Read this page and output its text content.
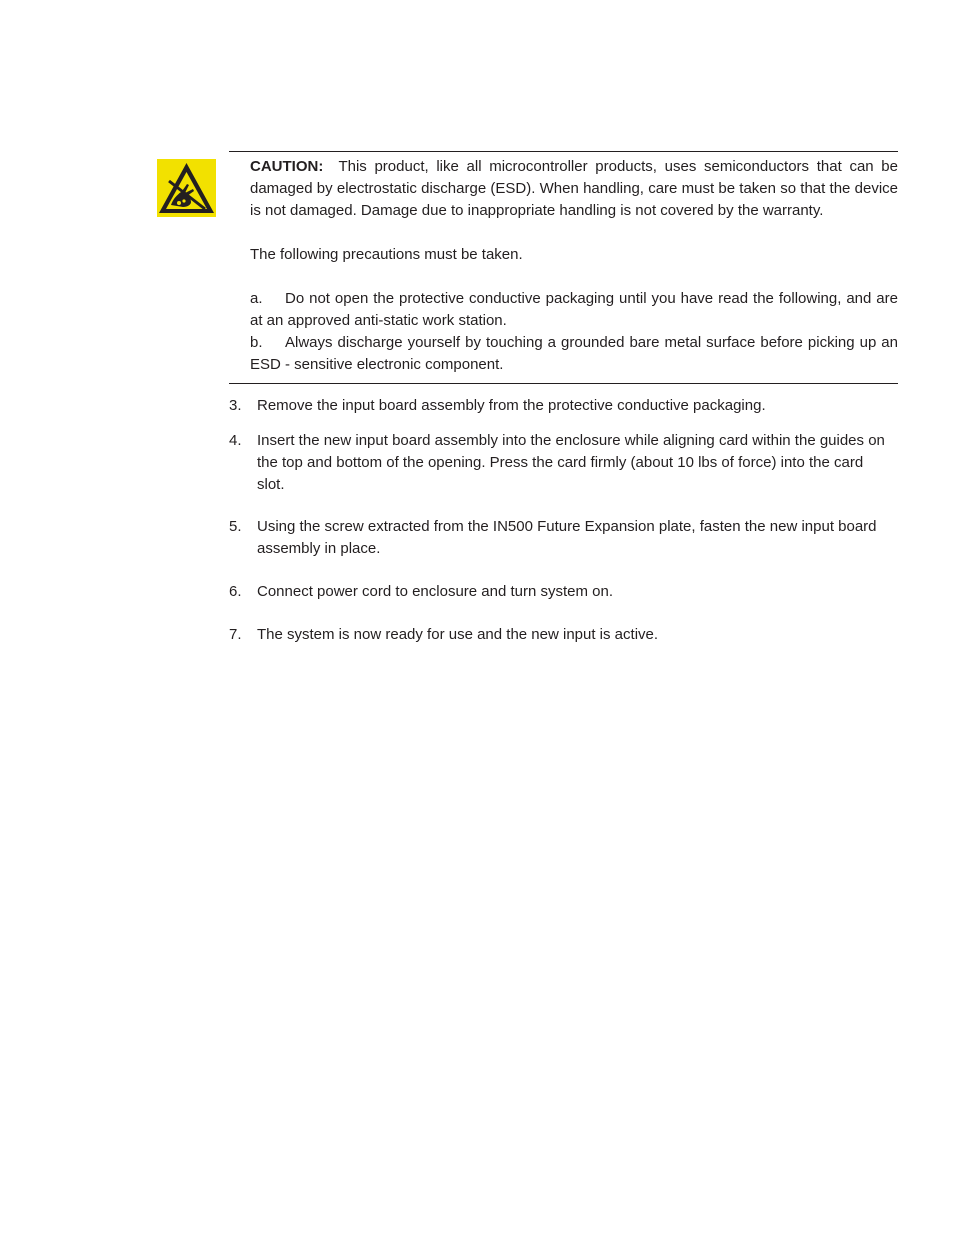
CAUTION: This product, like all microcontroller products, uses semiconductors that can be damaged by electrostatic discharge (ESD). When handling, care must be taken so that the device is not damaged. Damage due to inappropriate handling is not covered by the warranty.

The following precautions must be taken.

a. Do not open the protective conductive packaging until you have read the following, and are at an approved anti-static work station.

b. Always discharge yourself by touching a grounded bare metal surface before picking up an ESD - sensitive electronic component.

3.	Remove the input board assembly from the protective conductive packaging.
4.	Insert the new input board assembly into the enclosure while aligning card within the guides on the top and bottom of the opening. Press the card firmly (about 10 lbs of force) into the card slot.
5.	Using the screw extracted from the IN500 Future Expansion plate, fasten the new input board assembly in place.
6.	Connect power cord to enclosure and turn system on.
7.	The system is now ready for use and the new input is active.
